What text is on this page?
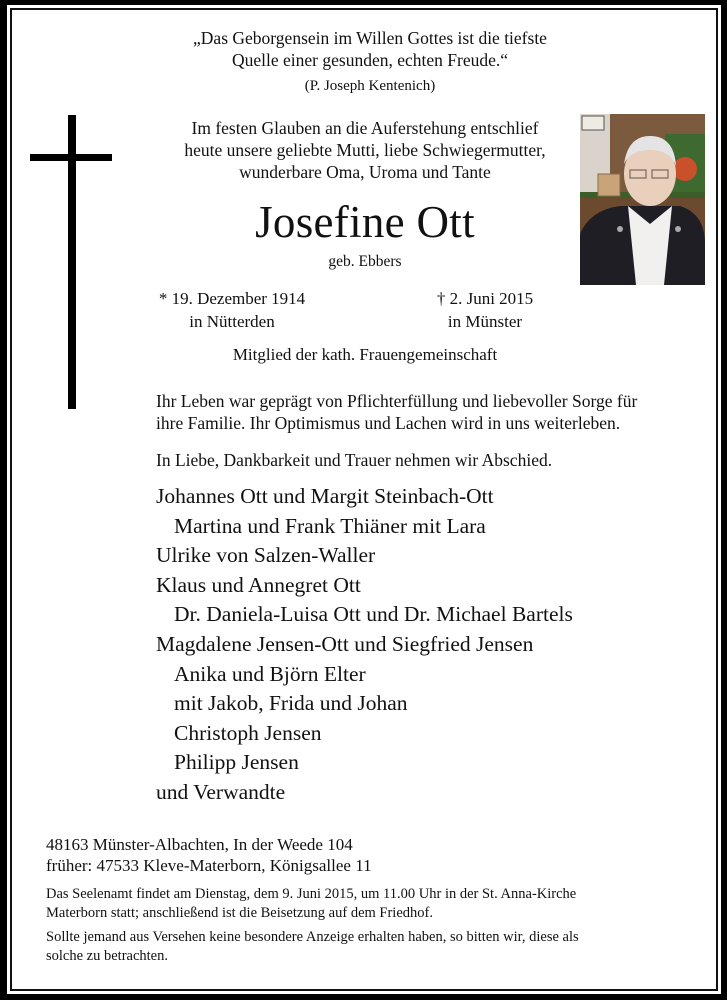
„Das Geborgensein im Willen Gottes ist die tiefste
Quelle einer gesunden, echten Freude.“
(P. Joseph Kentenich)
Im festen Glauben an die Auferstehung entschlief
heute unsere geliebte Mutti, liebe Schwiegermutter,
wunderbare Oma, Uroma und Tante
Josefine Ott
geb. Ebbers
* 19. Dezember 1914
in Nütterden
† 2. Juni 2015
in Münster
Mitglied der kath. Frauengemeinschaft
Ihr Leben war geprägt von Pflichterfüllung und liebevoller Sorge für
ihre Familie. Ihr Optimismus und Lachen wird in uns weiterleben.
In Liebe, Dankbarkeit und Trauer nehmen wir Abschied.
Johannes Ott und Margit Steinbach-Ott
Martina und Frank Thiäner mit Lara
Ulrike von Salzen-Waller
Klaus und Annegret Ott
Dr. Daniela-Luisa Ott und Dr. Michael Bartels
Magdalene Jensen-Ott und Siegfried Jensen
Anika und Björn Elter
mit Jakob, Frida und Johan
Christoph Jensen
Philipp Jensen
und Verwandte
48163 Münster-Albachten, In der Weede 104
früher: 47533 Kleve-Materborn, Königsallee 11

Das Seelenamt findet am Dienstag, dem 9. Juni 2015, um 11.00 Uhr in der St. Anna-Kirche
Materborn statt; anschließend ist die Beisetzung auf dem Friedhof.

Sollte jemand aus Versehen keine besondere Anzeige erhalten haben, so bitten wir, diese als
solche zu betrachten.
